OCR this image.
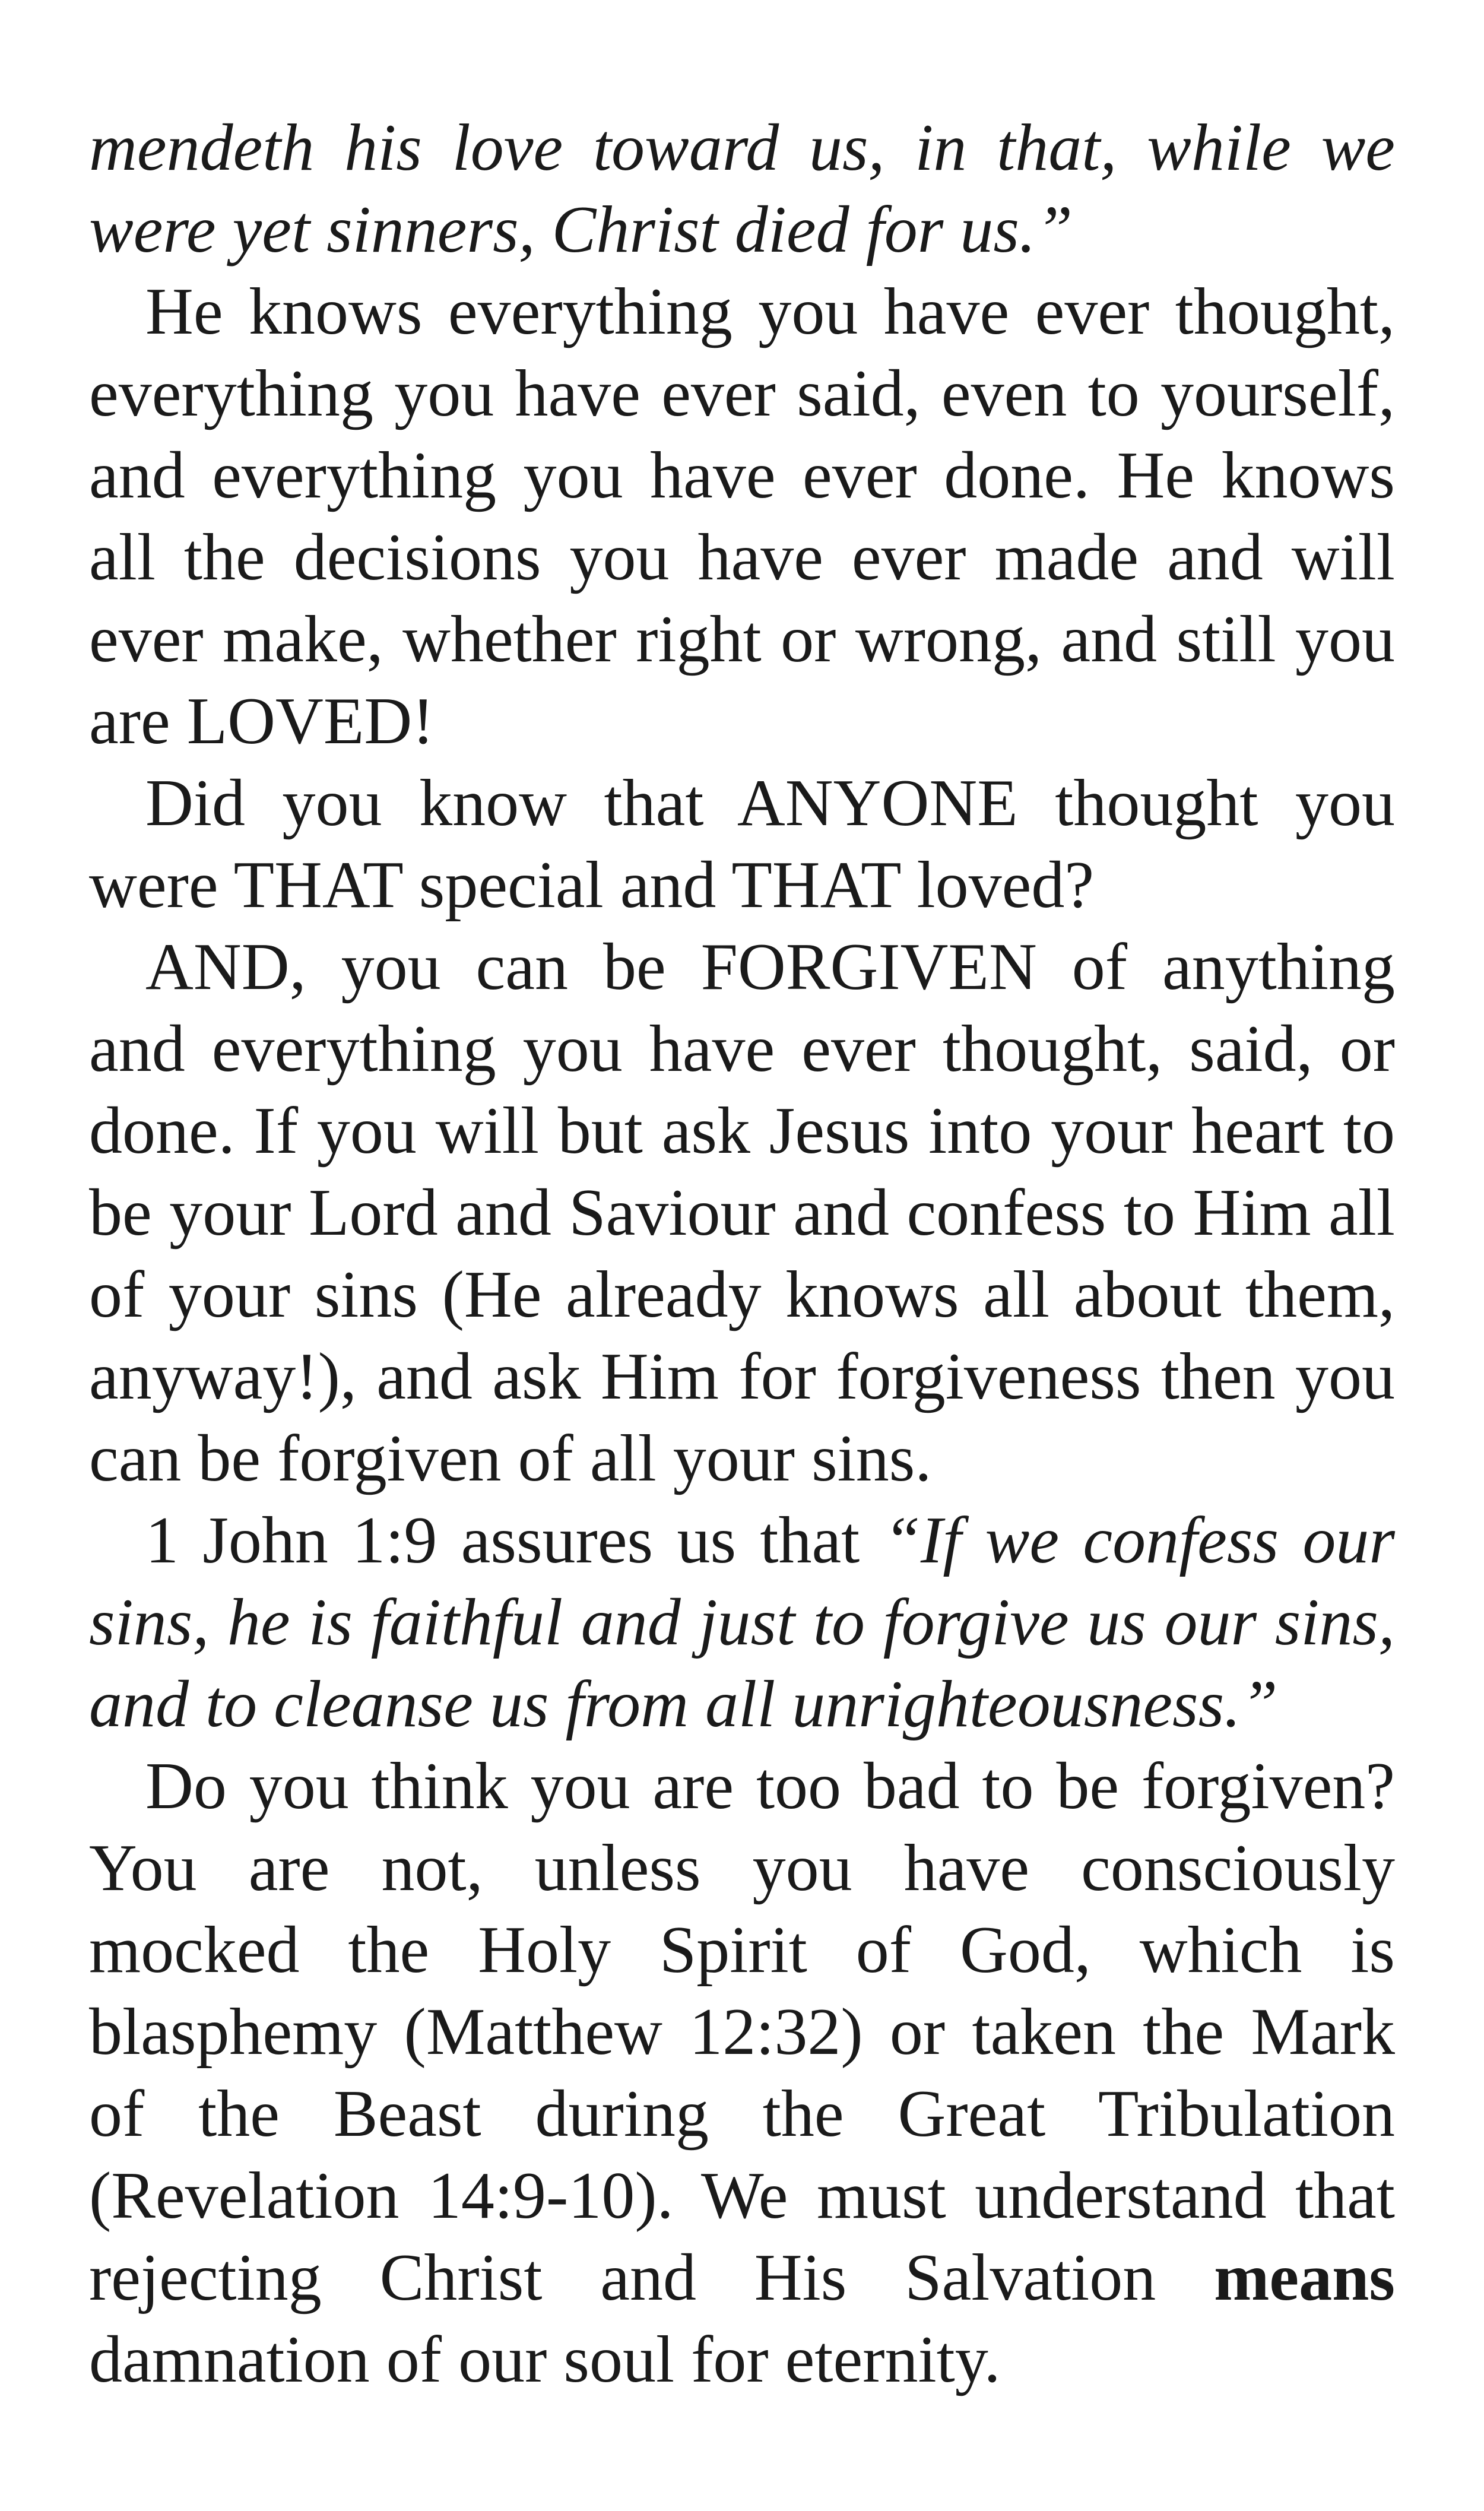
mendeth his love toward us, in that, while we were yet sinners, Christ died for us.”

He knows everything you have ever thought, everything you have ever said, even to yourself, and everything you have ever done. He knows all the decisions you have ever made and will ever make, whether right or wrong, and still you are LOVED!

Did you know that ANYONE thought you were THAT special and THAT loved?

AND, you can be FORGIVEN of anything and everything you have ever thought, said, or done. If you will but ask Jesus into your heart to be your Lord and Saviour and confess to Him all of your sins (He already knows all about them, anyway!), and ask Him for forgiveness then you can be forgiven of all your sins.

1 John 1:9 assures us that “If we confess our sins, he is faithful and just to forgive us our sins, and to cleanse us from all unrighteousness.”

Do you think you are too bad to be forgiven? You are not, unless you have consciously mocked the Holy Spirit of God, which is blasphemy (Matthew 12:32) or taken the Mark of the Beast during the Great Tribulation (Revelation 14:9-10). We must understand that rejecting Christ and His Salvation means damnation of our soul for eternity.
